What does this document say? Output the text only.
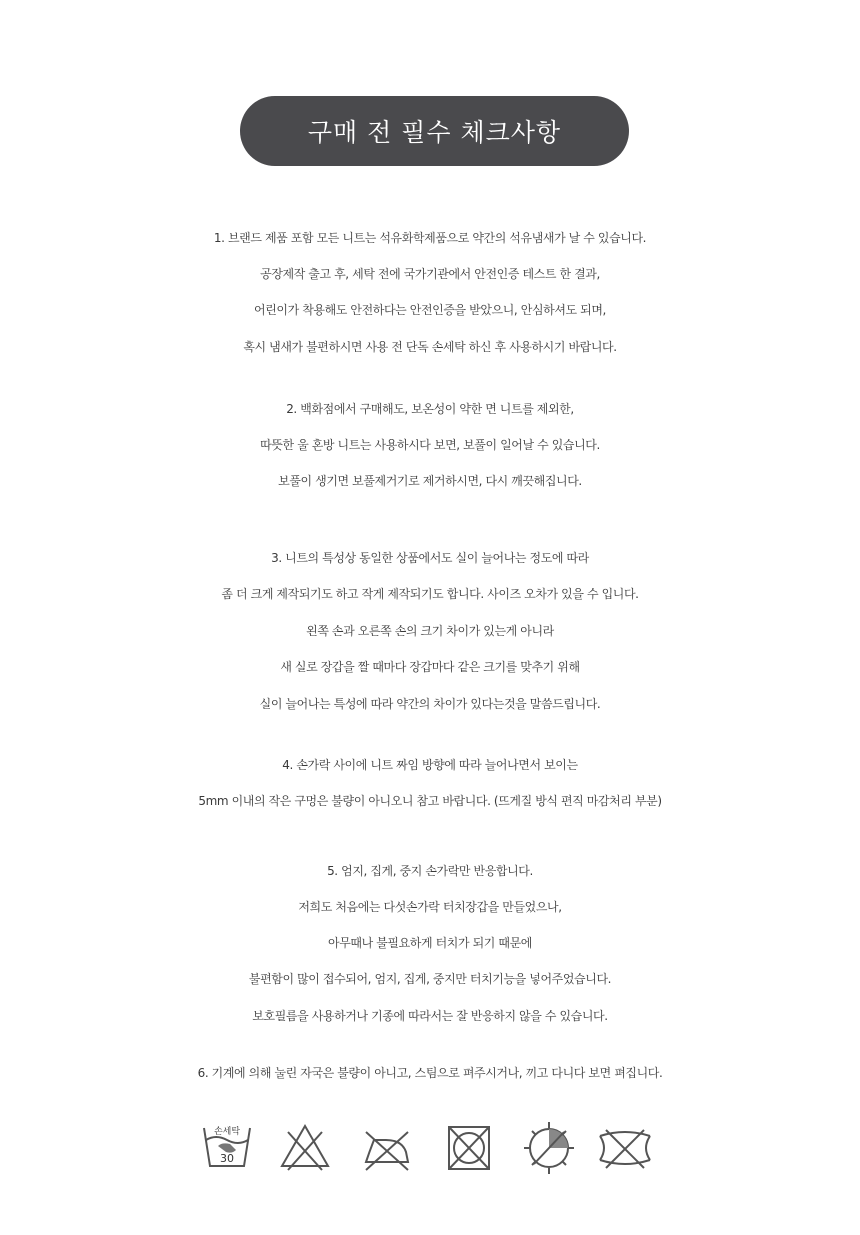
구매 전 필수 체크사항
1. 브랜드 제품 포함 모든 니트는 석유화학제품으로 약간의 석유냄새가 날 수 있습니다.
공장제작 출고 후, 세탁 전에 국가기관에서 안전인증 테스트 한 결과,
어린이가 착용해도 안전하다는 안전인증을 받았으니, 안심하셔도 되며,
혹시 냄새가 불편하시면 사용 전 단독 손세탁 하신 후 사용하시기 바랍니다.
2. 백화점에서 구매해도, 보온성이 약한 면 니트를 제외한,
따뜻한 울 혼방 니트는 사용하시다 보면, 보풀이 일어날 수 있습니다.
보풀이 생기면 보풀제거기로 제거하시면, 다시 깨끗해집니다.
3. 니트의 특성상 동일한 상품에서도 실이 늘어나는 정도에 따라
좀 더 크게 제작되기도 하고 작게 제작되기도 합니다. 사이즈 오차가 있을 수 입니다.
왼쪽 손과 오른쪽 손의 크기 차이가 있는게 아니라
새 실로 장갑을 짤 때마다 장갑마다 같은 크기를 맞추기 위해
실이 늘어나는 특성에 따라 약간의 차이가 있다는것을 말씀드립니다.
4. 손가락 사이에 니트 짜임 방향에 따라 늘어나면서 보이는
5mm 이내의 작은 구멍은 불량이 아니오니 참고 바랍니다. (뜨게질 방식 편직 마감처리 부분)
5. 엄지, 집게, 중지 손가락만 반응합니다.
저희도 처음에는 다섯손가락 터치장갑을 만들었으나,
아무때나 불필요하게 터치가 되기 때문에
불편함이 많이 접수되어, 엄지, 집게, 중지만 터치기능을 넣어주었습니다.
보호필름을 사용하거나 기종에 따라서는 잘 반응하지 않을 수 있습니다.
6. 기계에 의해 눌린 자국은 불량이 아니고, 스팀으로 펴주시거나, 끼고 다니다 보면 펴집니다.
손세탁
30
